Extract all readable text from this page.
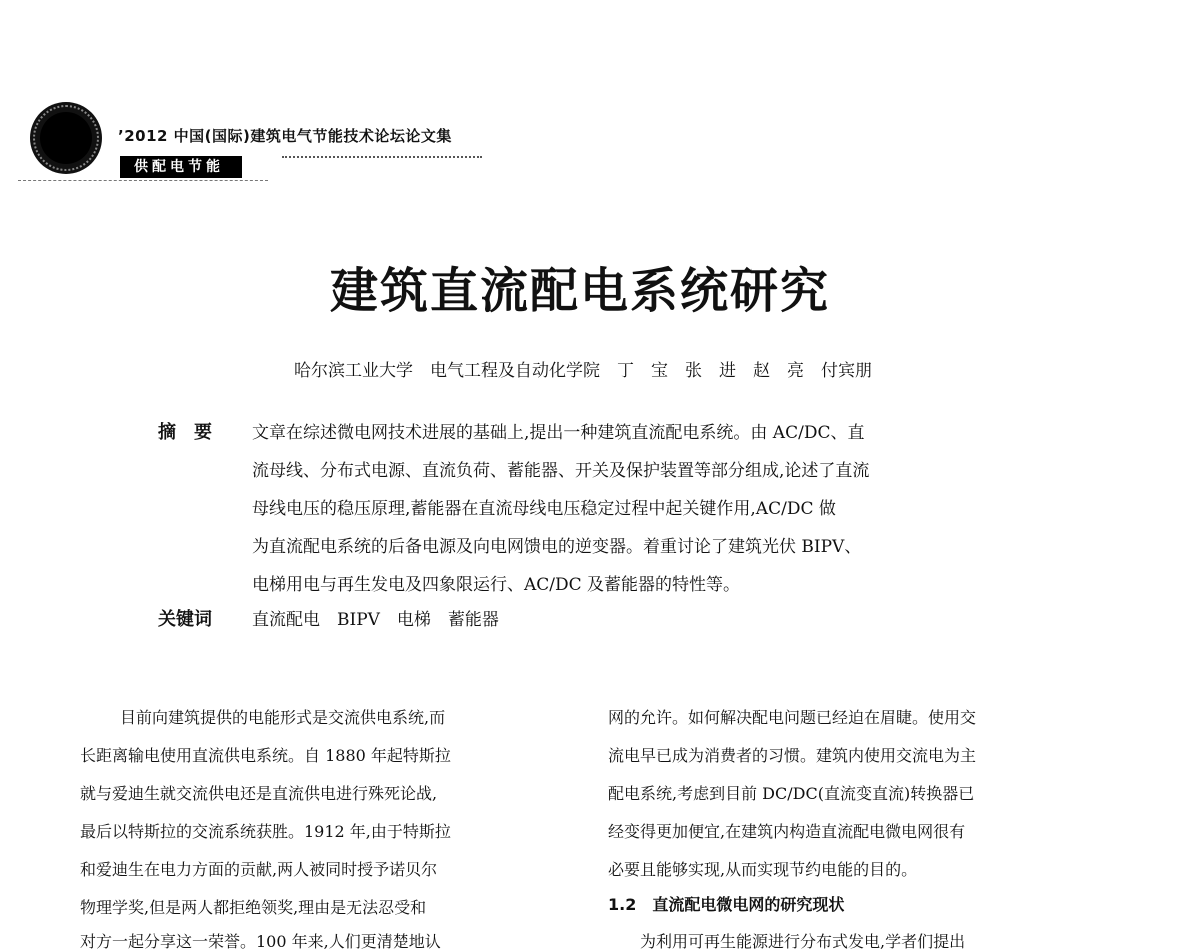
’2012 中国(国际)建筑电气节能技术论坛论文集
供配电节能
建筑直流配电系统研究
哈尔滨工业大学　电气工程及自动化学院　丁　宝　张　进　赵　亮　付宾朋
摘　要 文章在综述微电网技术进展的基础上,提出一种建筑直流配电系统。由 AC/DC、直
流母线、分布式电源、直流负荷、蓄能器、开关及保护装置等部分组成,论述了直流
母线电压的稳压原理,蓄能器在直流母线电压稳定过程中起关键作用,AC/DC 做
为直流配电系统的后备电源及向电网馈电的逆变器。着重讨论了建筑光伏 BIPV、
电梯用电与再生发电及四象限运行、AC/DC 及蓄能器的特性等。
关键词 直流配电　BIPV　电梯　蓄能器
目前向建筑提供的电能形式是交流供电系统,而
长距离输电使用直流供电系统。自 1880 年起特斯拉
就与爱迪生就交流供电还是直流供电进行殊死论战,
最后以特斯拉的交流系统获胜。1912 年,由于特斯拉
和爱迪生在电力方面的贡献,两人被同时授予诺贝尔
物理学奖,但是两人都拒绝领奖,理由是无法忍受和
对方一起分享这一荣誉。100 年来,人们更清楚地认
网的允许。如何解决配电问题已经迫在眉睫。使用交
流电早已成为消费者的习惯。建筑内使用交流电为主
配电系统,考虑到目前 DC/DC(直流变直流)转换器已
经变得更加便宜,在建筑内构造直流配电微电网很有
必要且能够实现,从而实现节约电能的目的。
1.2　直流配电微电网的研究现状
为利用可再生能源进行分布式发电,学者们提出
